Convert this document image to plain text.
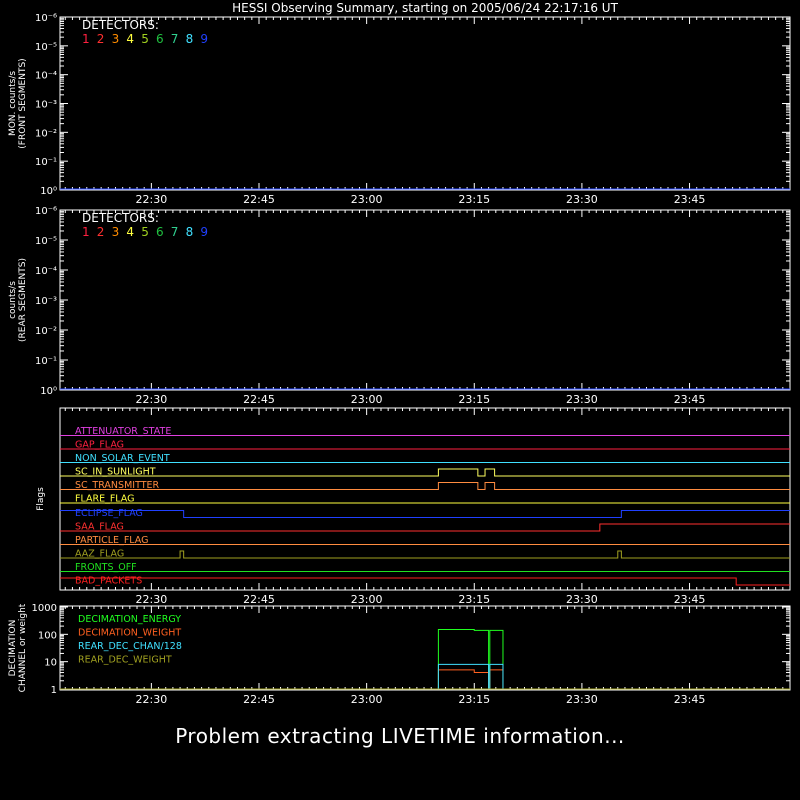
HESSI Observing Summary, starting on 2005/06/24 22:17:16 UT
10⁰
10⁻¹
10⁻²
10⁻³
10⁻⁴
10⁻⁵
10⁻⁶
22:30	22:45	23:00	23:15	23:30	23:45
MON. counts/s (FRONT SEGMENTS)
DETECTORS:
1 2 3 4 5 6 7 8 9
10⁰
10⁻¹
10⁻²
10⁻³
10⁻⁴
10⁻⁵
10⁻⁶
22:30	22:45	23:00	23:15	23:30	23:45
counts/s (REAR SEGMENTS)
DETECTORS:
1 2 3 4 5 6 7 8 9
22:30	22:45	23:00	23:15	23:30	23:45
Flags
ATTENUATOR_STATE
GAP_FLAG
NON_SOLAR_EVENT
SC_IN_SUNLIGHT
SC_TRANSMITTER
FLARE_FLAG
ECLIPSE_FLAG
SAA_FLAG
PARTICLE_FLAG
AAZ_FLAG
FRONTS_OFF
BAD_PACKETS
22:30	22:45	23:00	23:15	23:30	23:45
1
10
100
1000
DECIMATION CHANNEL or weight	DECIMATION_ENERGY
DECIMATION_WEIGHT
REAR_DEC_CHAN/128
REAR_DEC_WEIGHT
Problem extracting LIVETIME information...
